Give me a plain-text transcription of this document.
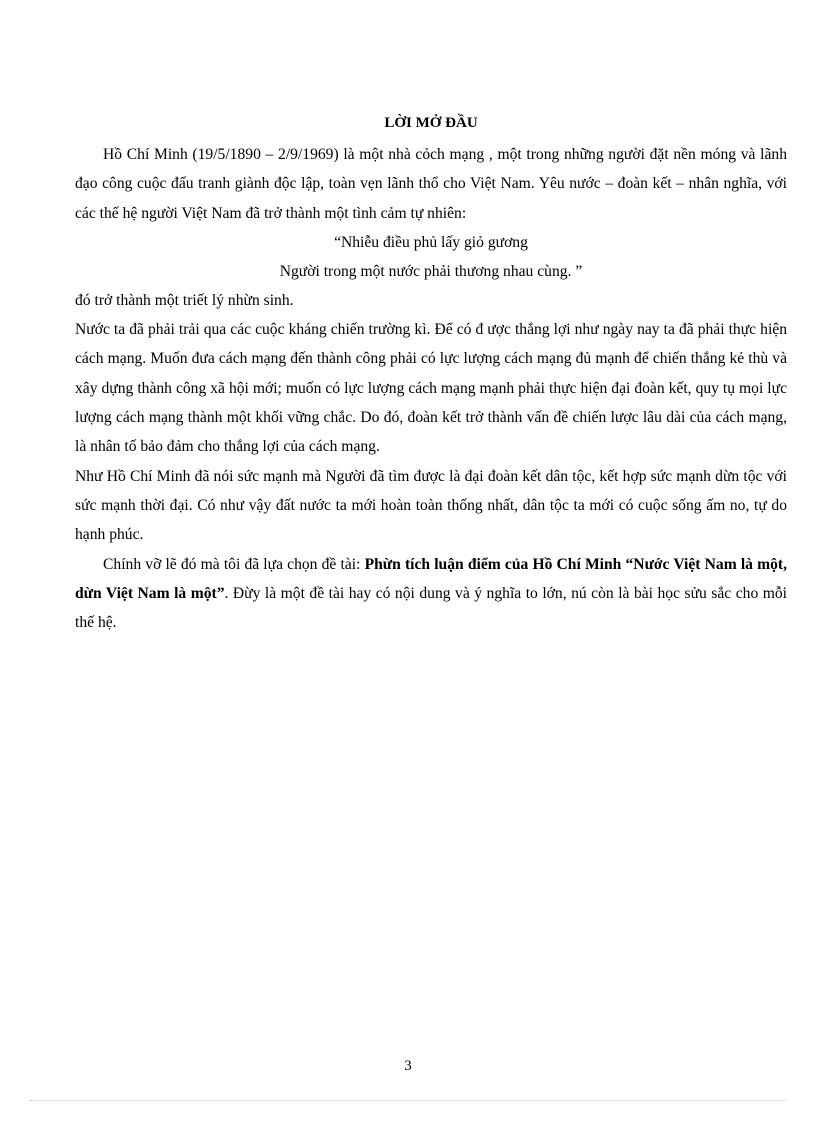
LỜI MỞ ĐẦU

Hồ Chí Minh (19/5/1890 – 2/9/1969) là một nhà cỏch mạng , một trong những người đặt nền móng và lãnh đạo công cuộc đấu tranh giành độc lập, toàn vẹn lãnh thổ cho Việt Nam. Yêu nước – đoàn kết – nhân nghĩa, với các thế hệ người Việt Nam đã trở thành một tình cảm tự nhiên:

“Nhiễu điều phủ lấy giỏ gương

Người trong một nước phải thương nhau cùng. ”

đó trở thành một triết lý nhừn sinh.

Nước ta đã phải trải qua các cuộc kháng chiến trường kì. Để có đ ược thắng lợi như ngày nay ta đã phải thực hiện cách mạng. Muốn đưa cách mạng đến thành công phải có lực lượng cách mạng đủ mạnh để chiến thắng kẻ thù và xây dựng thành công xã hội mới; muốn có lực lượng cách mạng mạnh phải thực hiện đại đoàn kết, quy tụ mọi lực lượng cách mạng thành một khối vững chắc. Do đó, đoàn kết trở thành vấn đề chiến lược lâu dài của cách mạng, là nhân tố bảo đảm cho thắng lợi của cách mạng.

Như Hồ Chí Minh đã nói sức mạnh mà Người đã tìm được là đại đoàn kết dân tộc, kết hợp sức mạnh dừn tộc với sức mạnh thời đại. Có như vậy đất nước ta mới hoàn toàn thống nhất, dân tộc ta mới có cuộc sống ấm no, tự do hạnh phúc.

Chính vỡ lẽ đó mà tôi đã lựa chọn đề tài: Phừn tích luận điểm của Hồ Chí Minh “Nước Việt Nam là một, dừn Việt Nam là một”. Đừy là một đề tài hay có nội dung và ý nghĩa to lớn, nú còn là bài học sửu sắc cho mỗi thế hệ.

3
